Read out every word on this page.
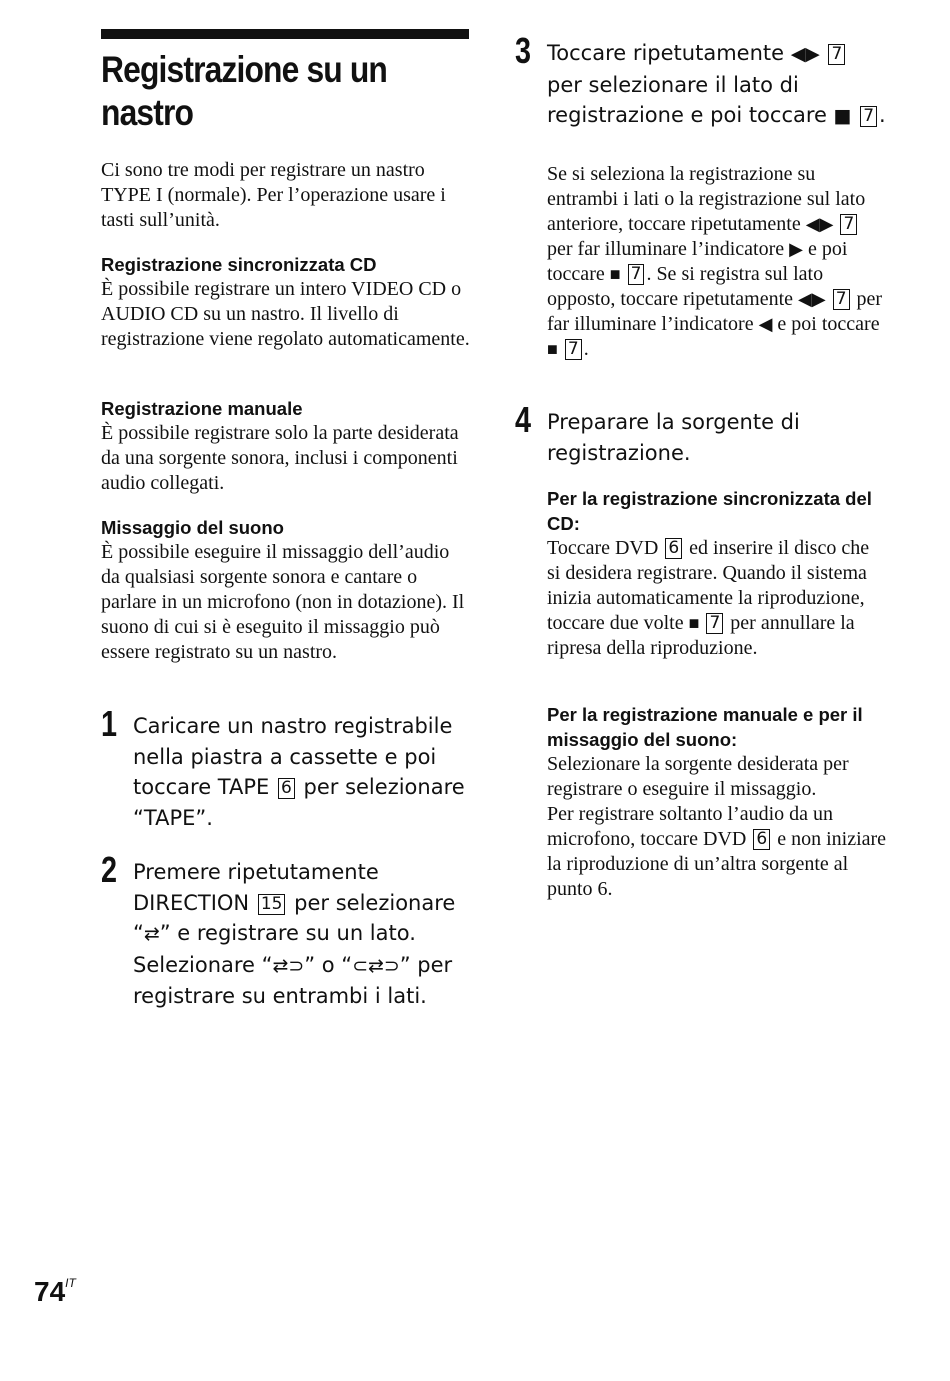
Registrazione su un nastro

Ci sono tre modi per registrare un nastro TYPE I (normale). Per l’operazione usare i tasti sull’unità.

Registrazione sincronizzata CD

È possibile registrare un intero VIDEO CD o AUDIO CD su un nastro. Il livello di registrazione viene regolato automaticamente.

Registrazione manuale

È possibile registrare solo la parte desiderata da una sorgente sonora, inclusi i componenti audio collegati.

Missaggio del suono

È possibile eseguire il missaggio dell’audio da qualsiasi sorgente sonora e cantare o parlare in un microfono (non in dotazione). Il suono di cui si è eseguito il missaggio può essere registrato su un nastro.

1 Caricare un nastro registrabile nella piastra a cassette e poi toccare TAPE 6 per selezionare “TAPE”.

2 Premere ripetutamente DIRECTION 15 per selezionare “⇄” e registrare su un lato. Selezionare “⇄⊃” o “⊂⇄⊃” per registrare su entrambi i lati.

$74^{IT}$
3 Toccare ripetutamente ◀▶ 7 per selezionare il lato di registrazione e poi toccare ■ 7 .

Se si seleziona la registrazione su entrambi i lati o la registrazione sul lato anteriore, toccare ripetutamente ◀▶ 7 per far illuminare l’indicatore ▶ e poi toccare ■ 7 . Se si registra sul lato opposto, toccare ripetutamente ◀▶ 7 per far illuminare l’indicatore ◀ e poi toccare ■ 7 .

4 Preparare la sorgente di registrazione.

Per la registrazione sincronizzata del CD:

Toccare DVD 6 ed inserire il disco che si desidera registrare. Quando il sistema inizia automaticamente la riproduzione, toccare due volte ■ 7 per annullare la ripresa della riproduzione.

Per la registrazione manuale e per il missaggio del suono:

Selezionare la sorgente desiderata per registrare o eseguire il missaggio.

Per registrare soltanto l’audio da un microfono, toccare DVD 6 e non iniziare la riproduzione di un’altra sorgente al punto 6.
